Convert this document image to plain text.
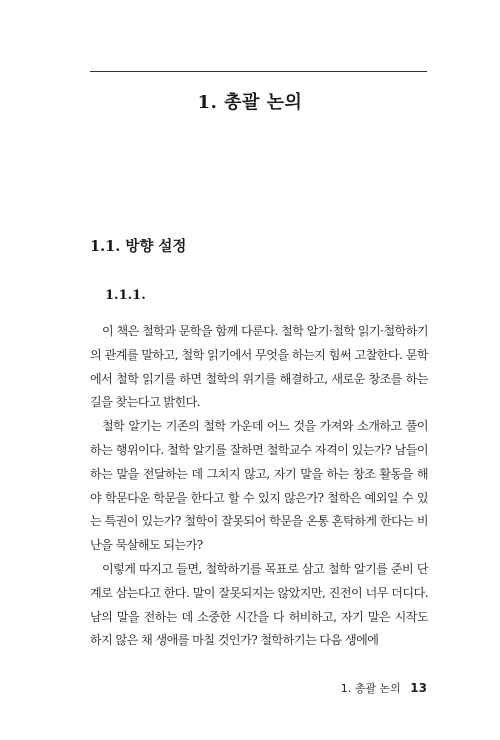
1. 총괄 논의
1.1. 방향 설정
1.1.1.

이 책은 철학과 문학을 함께 다룬다. 철학 알기·철학 읽기·철학하기의 관계를 말하고, 철학 읽기에서 무엇을 하는지 힘써 고찰한다. 문학에서 철학 읽기를 하면 철학의 위기를 해결하고, 새로운 창조를 하는 길을 찾는다고 밝힌다.

철학 알기는 기존의 철학 가운데 어느 것을 가져와 소개하고 풀이하는 행위이다. 철학 알기를 잘하면 철학교수 자격이 있는가? 남들이 하는 말을 전달하는 데 그치지 않고, 자기 말을 하는 창조 활동을 해야 학문다운 학문을 한다고 할 수 있지 않은가? 철학은 예외일 수 있는 특권이 있는가? 철학이 잘못되어 학문을 온통 혼탁하게 한다는 비난을 묵살해도 되는가?

이렇게 따지고 들면, 철학하기를 목표로 삼고 철학 알기를 준비 단계로 삼는다고 한다. 말이 잘못되지는 않았지만, 진전이 너무 더디다. 남의 말을 전하는 데 소중한 시간을 다 허비하고, 자기 말은 시작도 하지 않은 채 생애를 마칠 것인가? 철학하기는 다음 생에에

1. 총괄 논의 13
